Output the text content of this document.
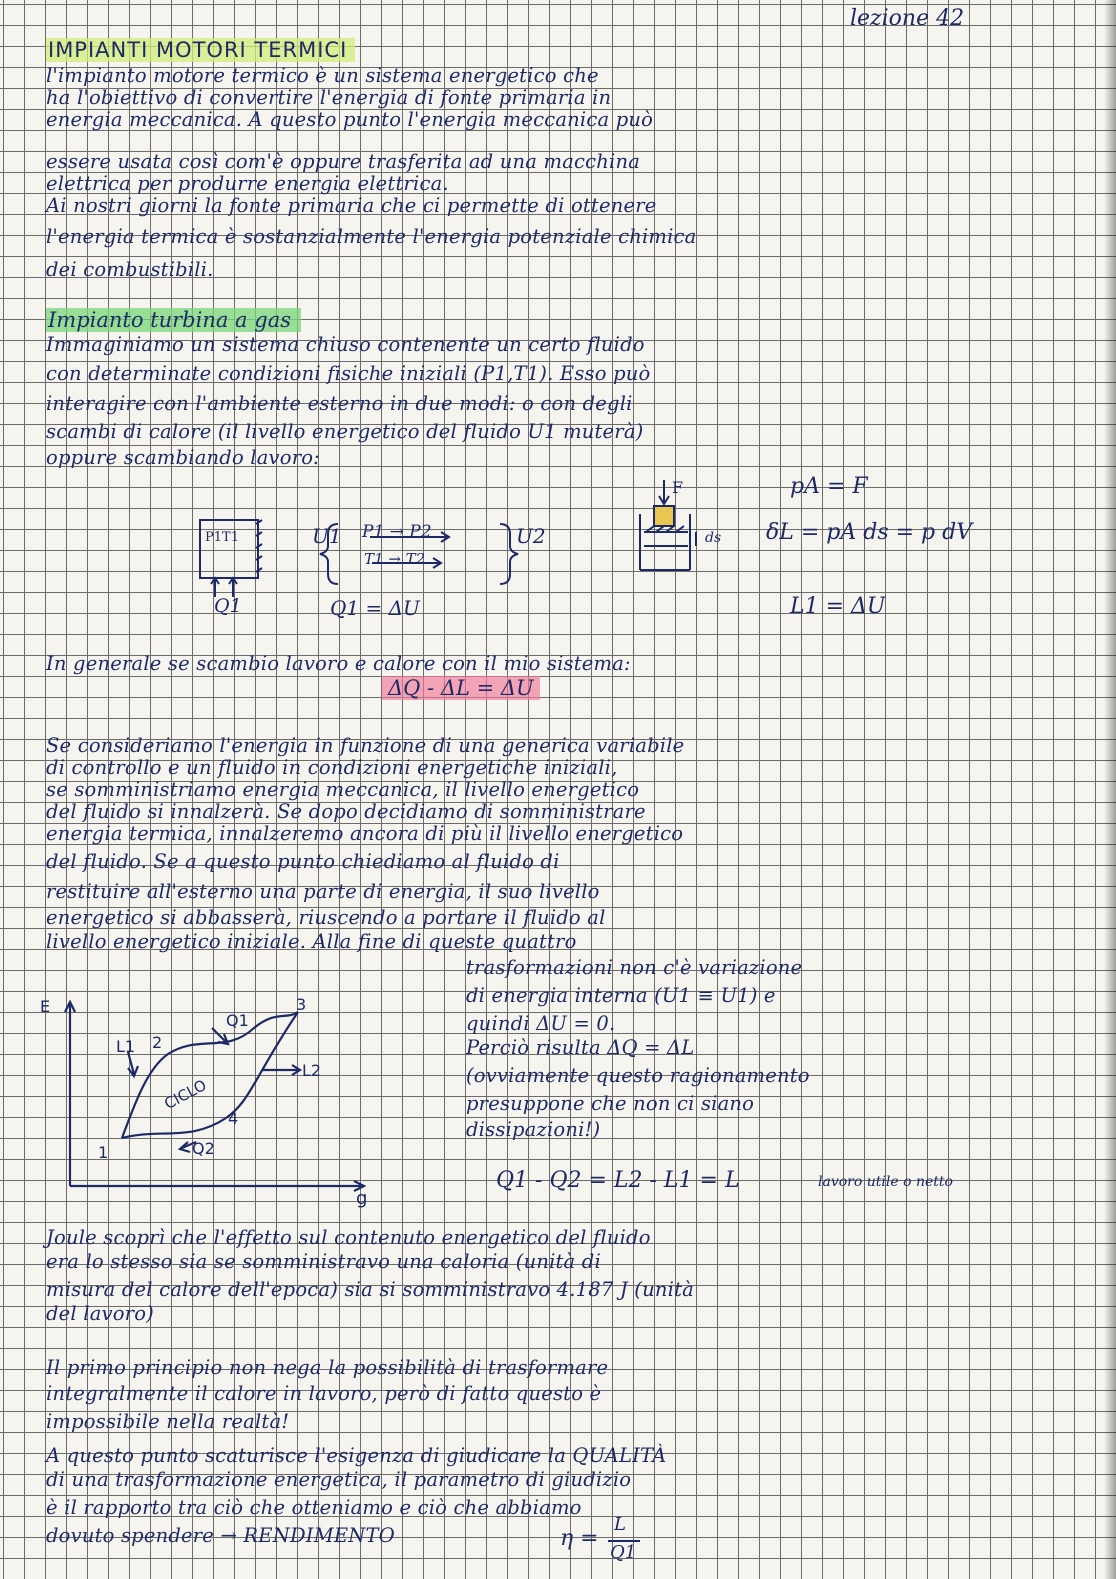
lezione 42
IMPIANTI MOTORI TERMICI
l'impianto motore termico è un sistema energetico che
ha l'obiettivo di convertire l'energia di fonte primaria in
energia meccanica. A questo punto l'energia meccanica può
essere usata così com'è oppure trasferita ad una macchina
elettrica per produrre energia elettrica.
Ai nostri giorni la fonte primaria che ci permette di ottenere
l'energia termica è sostanzialmente l'energia potenziale chimica
dei combustibili.
Impianto turbina a gas
Immaginiamo un sistema chiuso contenente un certo fluido
con determinate condizioni fisiche iniziali (P1,T1). Esso può
interagire con l'ambiente esterno in due modi: o con degli
scambi di calore (il livello energetico del fluido U1 muterà)
oppure scambiando lavoro:
P1T1
Q1
U1 P1 → P2
T1 → T2
U2
Q1 = ΔU
F
ds
pA = F
δL = pA ds = p dV
L1 = ΔU
In generale se scambio lavoro e calore con il mio sistema:
ΔQ - ΔL = ΔU
Se consideriamo l'energia in funzione di una generica variabile
di controllo e un fluido in condizioni energetiche iniziali,
se somministriamo energia meccanica, il livello energetico
del fluido si innalzerà. Se dopo decidiamo di somministrare
energia termica, innalzeremo ancora di più il livello energetico
del fluido. Se a questo punto chiediamo al fluido di
restituire all'esterno una parte di energia, il suo livello
energetico si abbasserà, riuscendo a portare il fluido al
livello energetico iniziale. Alla fine di queste quattro
trasformazioni non c'è variazione
di energia interna (U1 ≡ U1) e
quindi ΔU = 0.
Perciò risulta ΔQ = ΔL
(ovviamente questo ragionamento
presuppone che non ci siano
dissipazioni!)
Q1 - Q2 = L2 - L1 = L	lavoro utile o netto
E
g
1
2
3
4
CICLO
Q1
Q2
L1
L2
Joule scoprì che l'effetto sul contenuto energetico del fluido
era lo stesso sia se somministravo una caloria (unità di
misura del calore dell'epoca) sia si somministravo 4.187 J (unità
del lavoro)
Il primo principio non nega la possibilità di trasformare
integralmente il calore in lavoro, però di fatto questo è
impossibile nella realtà!
A questo punto scaturisce l'esigenza di giudicare la QUALITÀ
di una trasformazione energetica, il parametro di giudizio
è il rapporto tra ciò che otteniamo e ciò che abbiamo
dovuto spendere → RENDIMENTO	η =
L
Q1
